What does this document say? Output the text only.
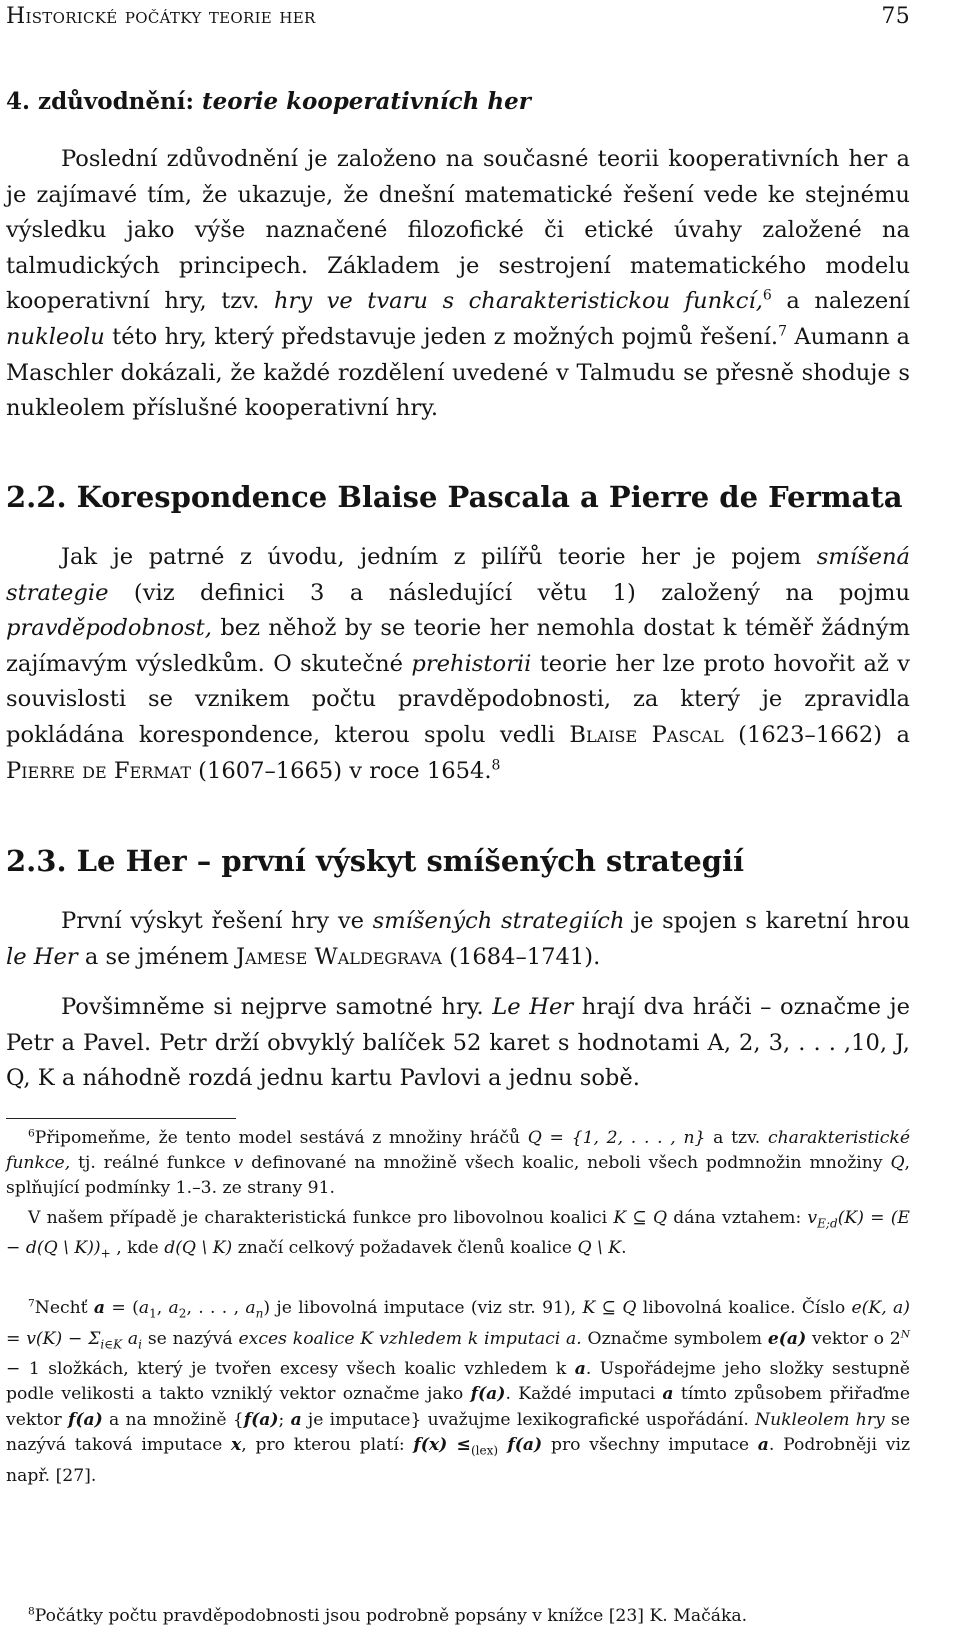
Historické počátky teorie her	75
4. zdůvodnění: teorie kooperativních her

Poslední zdůvodnění je založeno na současné teorii kooperativních her a je zajímavé tím, že ukazuje, že dnešní matematické řešení vede ke stejnému výsledku jako výše naznačené filozofické či etické úvahy založené na talmudických principech. Základem je sestrojení matematického modelu kooperativní hry, tzv. hry ve tvaru s charakteristickou funkcí,$^6$ a nalezení nukleolu této hry, který představuje jeden z možných pojmů řešení.$^7$ Aumann a Maschler dokázali, že každé rozdělení uvedené v Talmudu se přesně shoduje s nukleolem příslušné kooperativní hry.

2.2. Korespondence Blaise Pascala a Pierre de Fermata

Jak je patrné z úvodu, jedním z pilířů teorie her je pojem smíšená strategie (viz definici 3 a následující větu 1) založený na pojmu pravděpodobnost, bez něhož by se teorie her nemohla dostat k téměř žádným zajímavým výsledkům. O skutečné prehistorii teorie her lze proto hovořit až v souvislosti se vznikem počtu pravděpodobnosti, za který je zpravidla pokládána korespondence, kterou spolu vedli Blaise Pascal (1623–1662) a Pierre de Fermat (1607–1665) v roce 1654.$^8$

2.3. Le Her – první výskyt smíšených strategií

První výskyt řešení hry ve smíšených strategiích je spojen s karetní hrou le Her a se jménem Jamese Waldegrava (1684–1741).

Povšimněme si nejprve samotné hry. Le Her hrají dva hráči – označme je Petr a Pavel. Petr drží obvyklý balíček 52 karet s hodnotami A, 2, 3, . . . ,10, J, Q, K a náhodně rozdá jednu kartu Pavlovi a jednu sobě.

$^6$Připomeňme, že tento model sestává z množiny hráčů Q = {1, 2, . . . , n} a tzv. charakteristické funkce, tj. reálné funkce v definované na množině všech koalic, neboli všech podmnožin množiny Q, splňující podmínky 1.–3. ze strany 91.

V našem případě je charakteristická funkce pro libovolnou koalici K ⊆ Q dána vztahem: $v_{E;d}(K) = (E - d(Q$ \ $K))_+$ , kde d(Q \ K) značí celkový požadavek členů koalice Q \ K.

$^7$Nechť $a = (a_1$, $a_2$, . . . , $a_n$) je libovolná imputace (viz str. 91), K ⊆ Q libovolná koalice. Číslo e(K, $a) = v(K) - \Sigma_{i\in K}$ $a_i$ se nazývá exces koalice K vzhledem k imputaci a. Označme symbolem e(a) vektor o $2^N - 1$ složkách, který je tvořen excesy všech koalic vzhledem k a. Uspořádejme jeho složky sestupně podle velikosti a takto vzniklý vektor označme jako f(a). Každé imputaci a tímto způsobem přiřaďme vektor f(a) a na množině {f(a); a je imputace} uvažujme lexikografické uspořádání. Nukleolem hry se nazývá taková imputace x, pro kterou platí: $f(x) \le_{(lex)}$ f(a) pro všechny imputace a. Podrobněji viz např. [27].

$^8$Počátky počtu pravděpodobnosti jsou podrobně popsány v knížce [23] K. Mačáka.
